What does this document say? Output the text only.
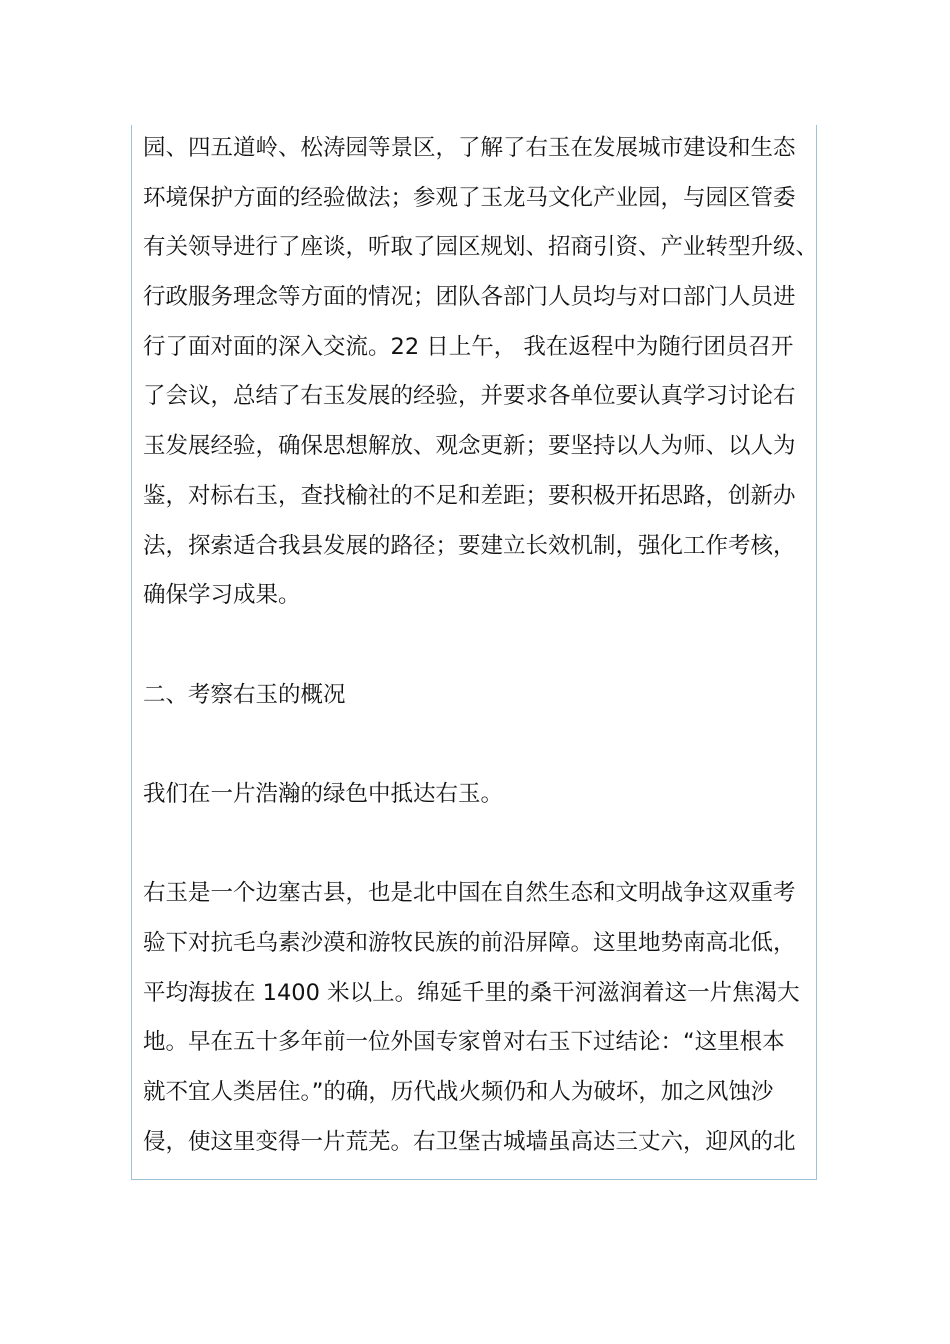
园、四五道岭、松涛园等景区，了解了右玉在发展城市建设和生态
环境保护方面的经验做法；参观了玉龙马文化产业园，与园区管委
有关领导进行了座谈，听取了园区规划、招商引资、产业转型升级、
行政服务理念等方面的情况；团队各部门人员均与对口部门人员进
行了面对面的深入交流。22 日上午， 我在返程中为随行团员召开
了会议，总结了右玉发展的经验，并要求各单位要认真学习讨论右
玉发展经验，确保思想解放、观念更新；要坚持以人为师、以人为
鉴，对标右玉，查找榆社的不足和差距；要积极开拓思路，创新办
法，探索适合我县发展的路径；要建立长效机制，强化工作考核，
确保学习成果。
二、考察右玉的概况
我们在一片浩瀚的绿色中抵达右玉。
右玉是一个边塞古县，也是北中国在自然生态和文明战争这双重考
验下对抗毛乌素沙漠和游牧民族的前沿屏障。这里地势南高北低，
平均海拔在 1400 米以上。绵延千里的桑干河滋润着这一片焦渴大
地。早在五十多年前一位外国专家曾对右玉下过结论：“这里根本
就不宜人类居住。”的确，历代战火频仍和人为破坏，加之风蚀沙
侵，使这里变得一片荒芜。右卫堡古城墙虽高达三丈六，迎风的北
